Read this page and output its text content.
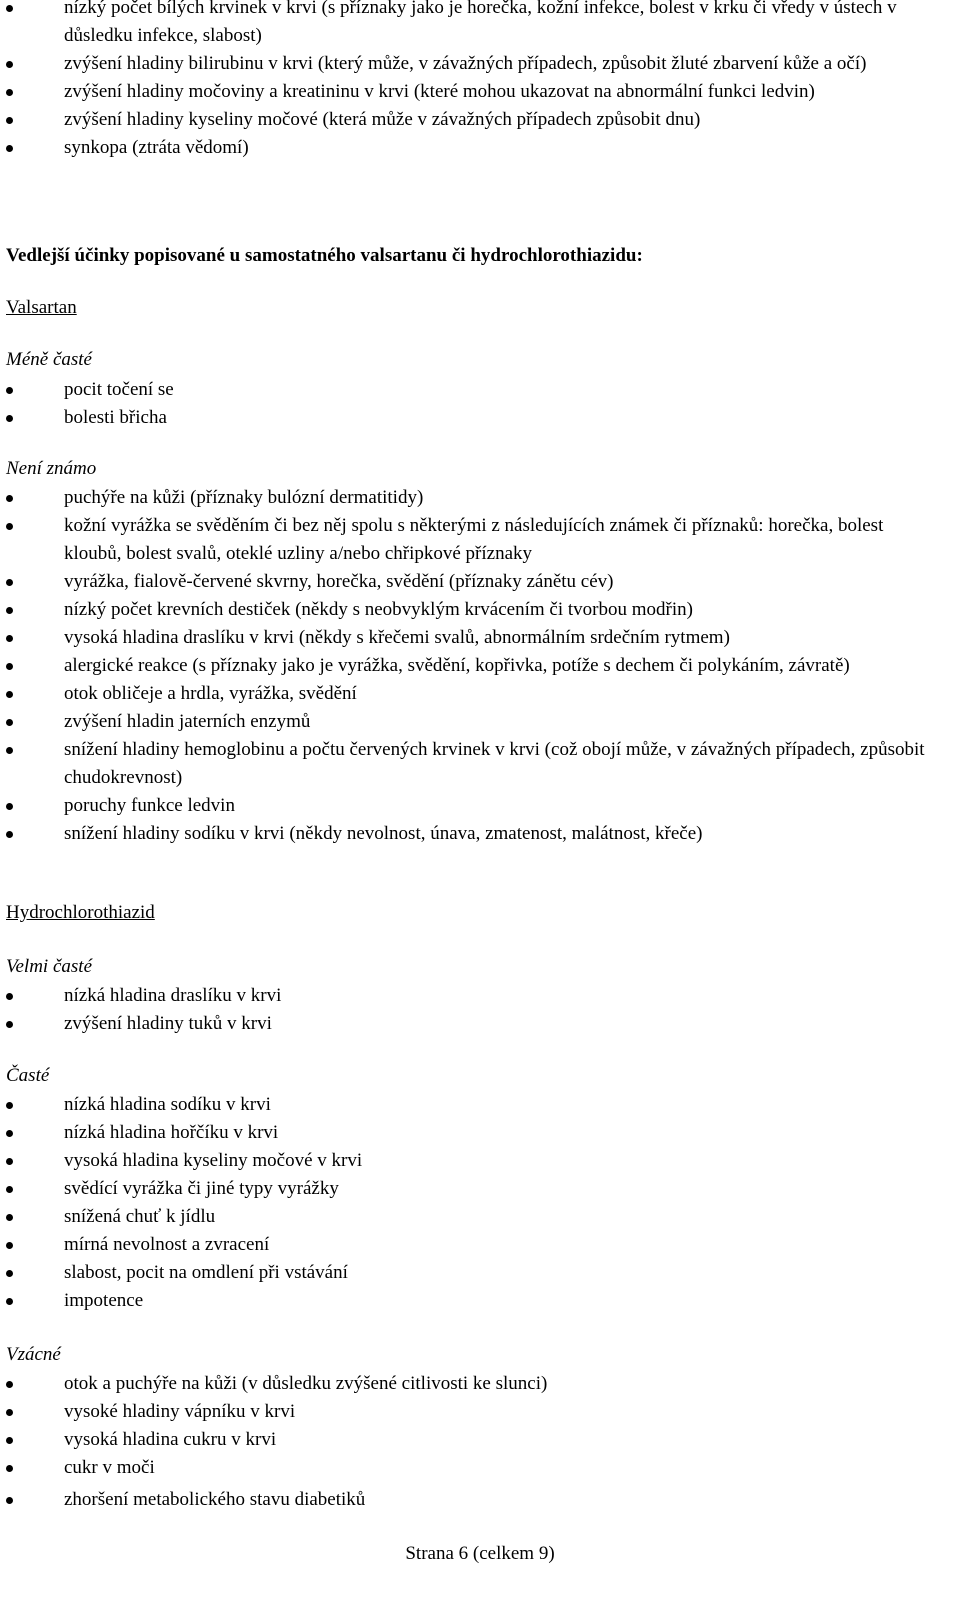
nízký počet bílých krvinek v krvi (s příznaky jako je horečka, kožní infekce, bolest v krku či vředy v ústech v důsledku infekce, slabost)
zvýšení hladiny bilirubinu v krvi (který může, v závažných případech, způsobit žluté zbarvení kůže a očí)
zvýšení hladiny močoviny a kreatininu v krvi (které mohou ukazovat na abnormální funkci ledvin)
zvýšení hladiny kyseliny močové (která může v závažných případech způsobit dnu)
synkopa (ztráta vědomí)
Vedlejší účinky popisované u samostatného valsartanu či hydrochlorothiazidu:
Valsartan
Méně časté
pocit točení se
bolesti břicha
Není známo
puchýře na kůži (příznaky bulózní dermatitidy)
kožní vyrážka se svěděním či bez něj spolu s některými z následujících známek či příznaků: horečka, bolest kloubů, bolest svalů, oteklé uzliny a/nebo chřipkové příznaky
vyrážka, fialově-červené skvrny, horečka, svědění (příznaky zánětu cév)
nízký počet krevních destiček (někdy s neobvyklým krvácením či tvorbou modřin)
vysoká hladina draslíku v krvi (někdy s křečemi svalů, abnormálním srdečním rytmem)
alergické reakce (s příznaky jako je vyrážka, svědění, kopřivka, potíže s dechem či polykáním, závratě)
otok obličeje a hrdla, vyrážka, svědění
zvýšení hladin jaterních enzymů
snížení hladiny hemoglobinu a počtu červených krvinek v krvi (což obojí může, v závažných případech, způsobit chudokrevnost)
poruchy funkce ledvin
snížení hladiny sodíku v krvi (někdy nevolnost, únava, zmatenost, malátnost, křeče)
Hydrochlorothiazid
Velmi časté
nízká hladina draslíku v krvi
zvýšení hladiny tuků v krvi
Časté
nízká hladina sodíku v krvi
nízká hladina hořčíku v krvi
vysoká hladina kyseliny močové v krvi
svědící vyrážka či jiné typy vyrážky
snížená chuť k jídlu
mírná nevolnost a zvracení
slabost, pocit na omdlení při vstávání
impotence
Vzácné
otok a puchýře na kůži (v důsledku zvýšené citlivosti ke slunci)
vysoké hladiny vápníku v krvi
vysoká hladina cukru v krvi
cukr v moči
zhoršení metabolického stavu diabetiků
Strana 6 (celkem 9)
